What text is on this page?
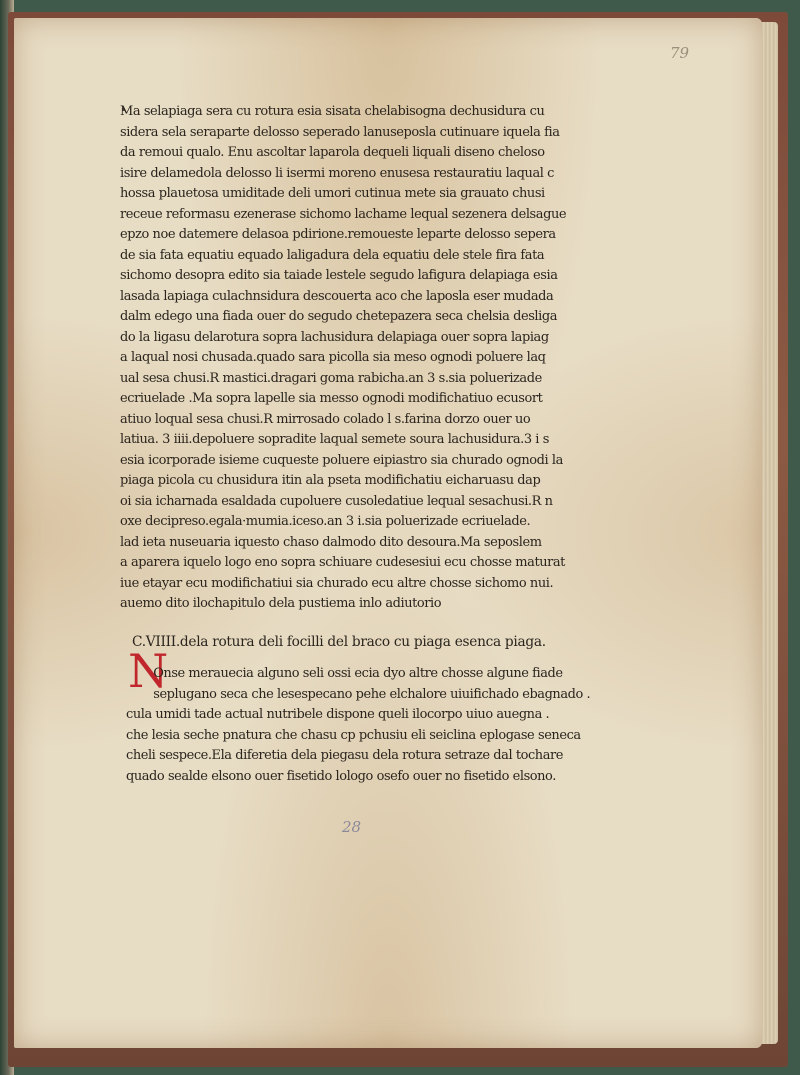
79
Ma selapiaga sera cu rotura esia sisata chelabisogna dechusidura cu
sidera sela serapartе delosso seperado lanuseposla cutinuare iquela fia
da remoui qualo. Enu ascoltar laparola dequeli liquali diseno cheloso
isire delamedola delosso li isermi moreno enusesa restauratiu laqual c
hossa plauetosa umiditade deli umori cutinua mete sia grauato chusi
receue reformasu ezenerase sichomo lachame lequal sezenera delsague
epzo noe datemere delasoa pdirione.remoueste leparte delosso sepera
de sia fata equatiu equado laligadura dela equatiu dele stele fira fata
sichomo desopra edito sia taiade lestele segudo lafigura delapiaga esia
lasada lapiaga culachnsidura descouerta aco che laposla eser mudada
dalm edego una fiada ouer do segudo chetepazera seca chelsia desliga
do la ligasu delarotura sopra lachusidura delapiaga ouer sopra lapiag
a laqual nosi chusada.quado sara picolla sia meso ognodi poluere laq
ual sesa chusi.R mastici.dragari goma rabicha.an 3 s.sia poluerizade
ecriuelade .Ma sopra lapelle sia messo ognodi modifichatiuo ecusort
atiuo loqual sesa chusi.R mirrosado colado l s.farina dorzo ouer uo
latiua. 3 iiii.depoluere sopradite laqual semete soura lachusidura.3 i s
esia icorporade isieme cuqueste poluere eipiastro sia churado ognodi la
piaga picola cu chusidura itin ala pseta modifichatiu eicharuasu dap
oi sia icharnada esaldada cupoluere cusoledatiue lequal sesachusi.R n
oxe decipreso.egala·mumia.iceso.an 3 i.sia poluerizade ecriuelade.
lad ieta nuseuaria iquesto chaso dalmodo dito desoura.Ma seposlem
a aparera iquelo logo eno sopra schiuare cudesesiui ecu chosse maturat
iue etayar ecu modifichatiui sia churado ecu altre chosse sichomo nui.
auemo dito ilochapitulo dela pustiema inlo adiutorio
C.VIIII.dela rotura deli focilli del braco cu piaga esenca piaga.
N
Onse merauecia alguno seli ossi ecia dyo altre chosse algune fiade
seplugano seca che lesespecano pehe elchalore uiuifichado ebagnado .
cula umidi tade actual nutribele dispone queli ilocorpo uiuo auegna .
che lesia seche pnatura che chasu cp pchusiu eli seiclina eplogase seneca
cheli sespece.Ela diferetia dela piegasu dela rotura setraze dal tochare
quado sealde elsono ouer fisetido lologo osefo ouer no fisetido elsono.
28
